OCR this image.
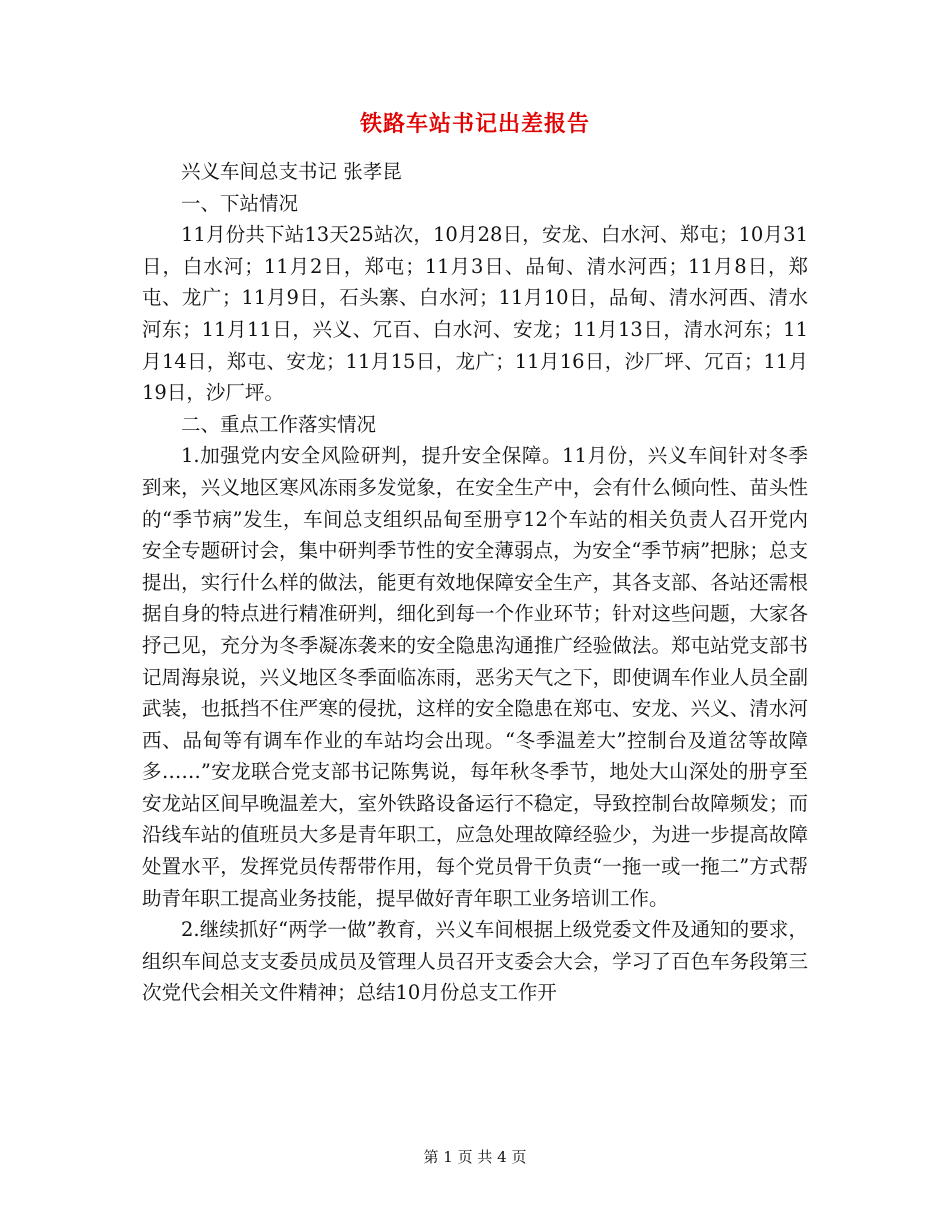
铁路车站书记出差报告

兴义车间总支书记 张孝昆

一、下站情况

11月份共下站13天25站次，10月28日，安龙、白水河、郑屯；10月31日，白水河；11月2日，郑屯；11月3日、品甸、清水河西；11月8日，郑屯、龙广；11月9日，石头寨、白水河；11月10日，品甸、清水河西、清水河东；11月11日，兴义、冗百、白水河、安龙；11月13日，清水河东；11月14日，郑屯、安龙；11月15日，龙广；11月16日，沙厂坪、冗百；11月19日，沙厂坪。

二、重点工作落实情况

1.加强党内安全风险研判，提升安全保障。11月份，兴义车间针对冬季到来，兴义地区寒风冻雨多发觉象，在安全生产中，会有什么倾向性、苗头性的“季节病”发生，车间总支组织品甸至册亨12个车站的相关负责人召开党内安全专题研讨会，集中研判季节性的安全薄弱点，为安全“季节病”把脉；总支提出，实行什么样的做法，能更有效地保障安全生产，其各支部、各站还需根据自身的特点进行精准研判，细化到每一个作业环节；针对这些问题，大家各抒己见，充分为冬季凝冻袭来的安全隐患沟通推广经验做法。郑屯站党支部书记周海泉说，兴义地区冬季面临冻雨，恶劣天气之下，即使调车作业人员全副武装，也抵挡不住严寒的侵扰，这样的安全隐患在郑屯、安龙、兴义、清水河西、品甸等有调车作业的车站均会出现。“冬季温差大”控制台及道岔等故障多……”安龙联合党支部书记陈隽说，每年秋冬季节，地处大山深处的册亨至安龙站区间早晚温差大，室外铁路设备运行不稳定，导致控制台故障频发；而沿线车站的值班员大多是青年职工，应急处理故障经验少，为进一步提高故障处置水平，发挥党员传帮带作用，每个党员骨干负责“一拖一或一拖二”方式帮助青年职工提高业务技能，提早做好青年职工业务培训工作。

2.继续抓好“两学一做”教育，兴义车间根据上级党委文件及通知的要求，组织车间总支支委员成员及管理人员召开支委会大会，学习了百色车务段第三次党代会相关文件精神；总结10月份总支工作开

第 1 页 共 4 页
